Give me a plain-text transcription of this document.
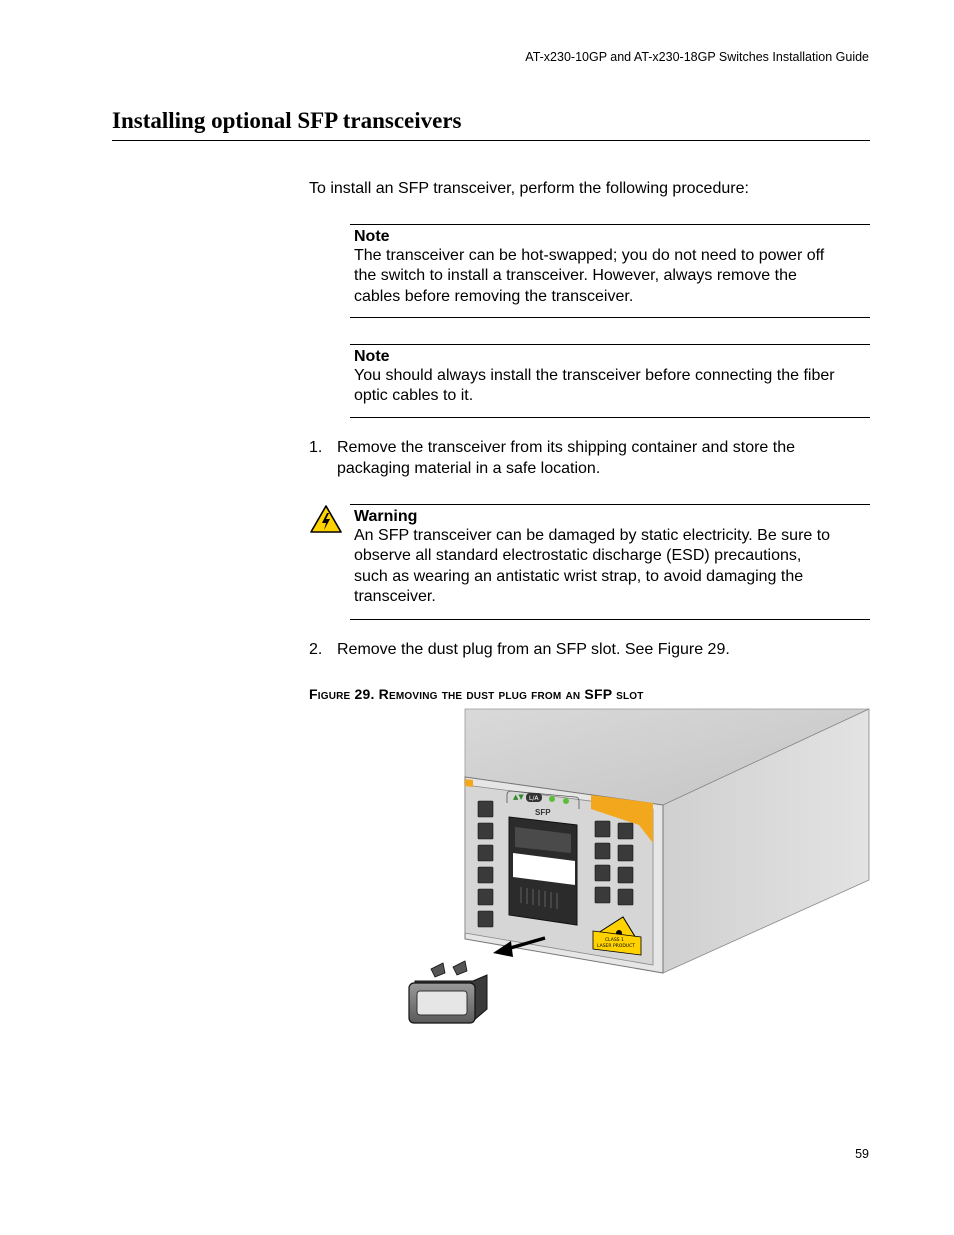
AT-x230-10GP and AT-x230-18GP Switches Installation Guide
Installing optional SFP transceivers
To install an SFP transceiver, perform the following procedure:
Note
The transceiver can be hot-swapped; you do not need to power off
the switch to install a transceiver. However, always remove the
cables before removing the transceiver.
Note
You should always install the transceiver before connecting the fiber
optic cables to it.
1. Remove the transceiver from its shipping container and store the
packaging material in a safe location.
Warning
An SFP transceiver can be damaged by static electricity. Be sure to
observe all standard electrostatic discharge (ESD) precautions,
such as wearing an antistatic wrist strap, to avoid damaging the
transceiver.
2. Remove the dust plug from an SFP slot. See Figure 29.
Figure 29. Removing the dust plug from an SFP slot
▲▼ L/A
SFP
CLASS 1
LASER PRODUCT
59
